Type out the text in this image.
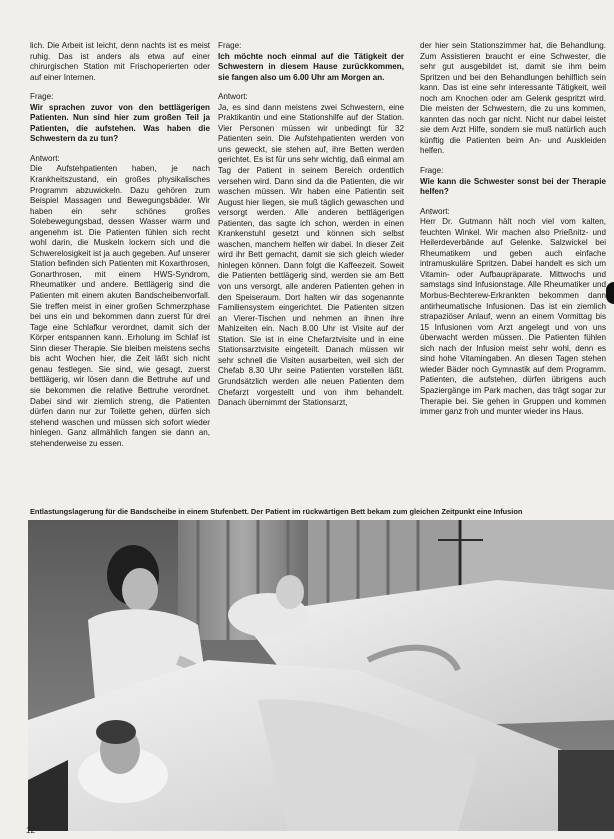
lich. Die Arbeit ist leicht, denn nachts ist es meist ruhig. Das ist anders als etwa auf einer chirurgischen Station mit Frischoperierten oder auf einer Internen.

Frage:

Wir sprachen zuvor von den bettlägerigen Patienten. Nun sind hier zum großen Teil ja Patienten, die aufstehen. Was haben die Schwestern da zu tun?

Antwort:

Die Aufstehpatienten haben, je nach Krankheitszustand, ein großes physikalisches Programm abzuwickeln. Dazu gehören zum Beispiel Massagen und Bewegungsbäder. Wir haben ein sehr schönes großes Solebewegungsbad, dessen Wasser warm und angenehm ist. Die Patienten fühlen sich recht wohl darin, die Muskeln lockern sich und die Schwerelosigkeit ist ja auch gegeben. Auf unserer Station befinden sich Patienten mit Koxarthrosen, Gonarthrosen, mit einem HWS-Syndrom, Rheumatiker und andere. Bettlägerig sind die Patienten mit einem akuten Bandscheibenvorfall. Sie treffen meist in einer großen Schmerzphase bei uns ein und bekommen dann zuerst für drei Tage eine Schlafkur verordnet, damit sich der Körper entspannen kann. Erholung im Schlaf ist Sinn dieser Therapie. Sie bleiben meistens sechs bis acht Wochen hier, die Zeit läßt sich nicht genau festlegen. Sie sind, wie gesagt, zuerst bettlägerig, wir lösen dann die Bettruhe auf und sie bekommen die relative Bettruhe verordnet. Dabei sind wir ziemlich streng, die Patienten dürfen dann nur zur Toilette gehen, dürfen sich stehend waschen und müssen sich sofort wieder hinlegen. Ganz allmählich fangen sie dann an, stehenderweise zu essen.

Frage:

Ich möchte noch einmal auf die Tätigkeit der Schwestern in diesem Hause zurückkommen, sie fangen also um 6.00 Uhr am Morgen an.

Antwort:

Ja, es sind dann meistens zwei Schwestern, eine Praktikantin und eine Stationshilfe auf der Station. Vier Personen müssen wir unbedingt für 32 Patienten sein. Die Aufstehpatienten werden von uns geweckt, sie stehen auf, ihre Betten werden gerichtet. Es ist für uns sehr wichtig, daß einmal am Tag der Patient in seinem Bereich ordentlich versehen wird. Dann sind da die Patienten, die wir waschen müssen. Wir haben eine Patientin seit August hier liegen, sie muß täglich gewaschen und versorgt werden. Alle anderen bettlägerigen Patienten, das sagte ich schon, werden in einen Krankenstuhl gesetzt und können sich selbst waschen, manchem helfen wir dabei. In dieser Zeit wird ihr Bett gemacht, damit sie sich gleich wieder hinlegen können. Dann folgt die Kaffeezeit. Soweit die Patienten bettlägerig sind, werden sie am Bett von uns versorgt, alle anderen Patienten gehen in den Speiseraum. Dort halten wir das sogenannte Familiensystem eingerichtet. Die Patienten sitzen an Vierer-Tischen und nehmen an ihnen ihre Mahlzeiten ein. Nach 8.00 Uhr ist Visite auf der Station. Sie ist in eine Chefarztvisite und in eine Stationsarztvisite eingeteilt. Danach müssen wir sehr schnell die Visiten ausarbeiten, weil sich der Chefab 8.30 Uhr seine Patienten vorstellen läßt. Grundsätzlich werden alle neuen Patienten dem Chefarzt vorgestellt und von ihm behandelt. Danach übernimmt der Stationsarzt,

der hier sein Stationszimmer hat, die Behandlung. Zum Assistieren braucht er eine Schwester, die sehr gut ausgebildet ist, damit sie ihm beim Spritzen und bei den Behandlungen behilflich sein kann. Das ist eine sehr interessante Tätigkeit, weil noch am Knochen oder am Gelenk gespritzt wird. Die meisten der Schwestern, die zu uns kommen, kannten das noch gar nicht. Nicht nur dabei leistet sie dem Arzt Hilfe, sondern sie muß natürlich auch künftig die Patienten beim An- und Auskleiden helfen.

Frage:

Wie kann die Schwester sonst bei der Therapie helfen?

Antwort:

Herr Dr. Gutmann hält noch viel vom kalten, feuchten Winkel. Wir machen also Prießnitz- und Heilerdeverbände auf Gelenke. Salzwickel bei Rheumatikern und geben auch einfache intramuskuläre Spritzen. Dabei handelt es sich um Vitamin- oder Aufbaupräparate. Mittwochs und samstags sind Infusionstage. Alle Rheumatiker und Morbus-Bechterew-Erkrankten bekommen dann antirheumatische Infusionen. Das ist ein ziemlich strapaziöser Anlauf, wenn an einem Vormittag bis 15 Infusionen vom Arzt angelegt und von uns überwacht werden müssen. Die Patienten fühlen sich nach der Infusion meist sehr wohl, denn es sind hohe Vitamingaben. An diesen Tagen stehen wieder Bäder noch Gymnastik auf dem Programm. Patienten, die aufstehen, dürfen übrigens auch Spaziergänge im Park machen, das trägt sogar zur Therapie bei. Sie gehen in Gruppen und kommen immer ganz froh und munter wieder ins Haus.

Entlastungslagerung für die Bandscheibe in einem Stufenbett. Der Patient im rückwärtigen Bett bekam zum gleichen Zeitpunkt eine Infusion
12
